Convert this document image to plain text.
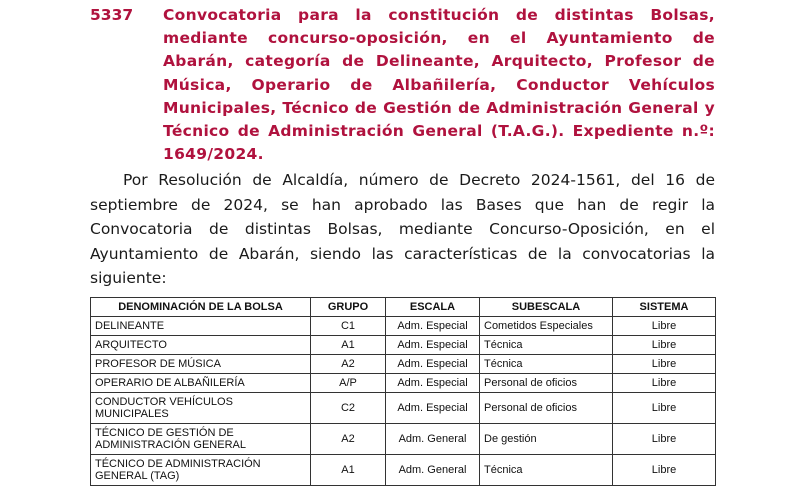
5337 Convocatoria para la constitución de distintas Bolsas, mediante concurso-oposición, en el Ayuntamiento de Abarán, categoría de Delineante, Arquitecto, Profesor de Música, Operario de Albañilería, Conductor Vehículos Municipales, Técnico de Gestión de Administración General y Técnico de Administración General (T.A.G.). Expediente n.º: 1649/2024.

Por Resolución de Alcaldía, número de Decreto 2024-1561, del 16 de septiembre de 2024, se han aprobado las Bases que han de regir la Convocatoria de distintas Bolsas, mediante Concurso-Oposición, en el Ayuntamiento de Abarán, siendo las características de la convocatorias la siguiente:

DENOMINACIÓN DE LA BOLSA	GRUPO	ESCALA	SUBESCALA	SISTEMA
DELINEANTE	C1	Adm. Especial	Cometidos Especiales	Libre
ARQUITECTO	A1	Adm. Especial	Técnica	Libre
PROFESOR DE MÚSICA	A2	Adm. Especial	Técnica	Libre
OPERARIO DE ALBAÑILERÍA	A/P	Adm. Especial	Personal de oficios	Libre
CONDUCTOR VEHÍCULOS MUNICIPALES	C2	Adm. Especial	Personal de oficios	Libre
TÉCNICO DE GESTIÓN DE ADMINISTRACIÓN GENERAL	A2	Adm. General	De gestión	Libre
TÉCNICO DE ADMINISTRACIÓN GENERAL (TAG)	A1	Adm. General	Técnica	Libre
